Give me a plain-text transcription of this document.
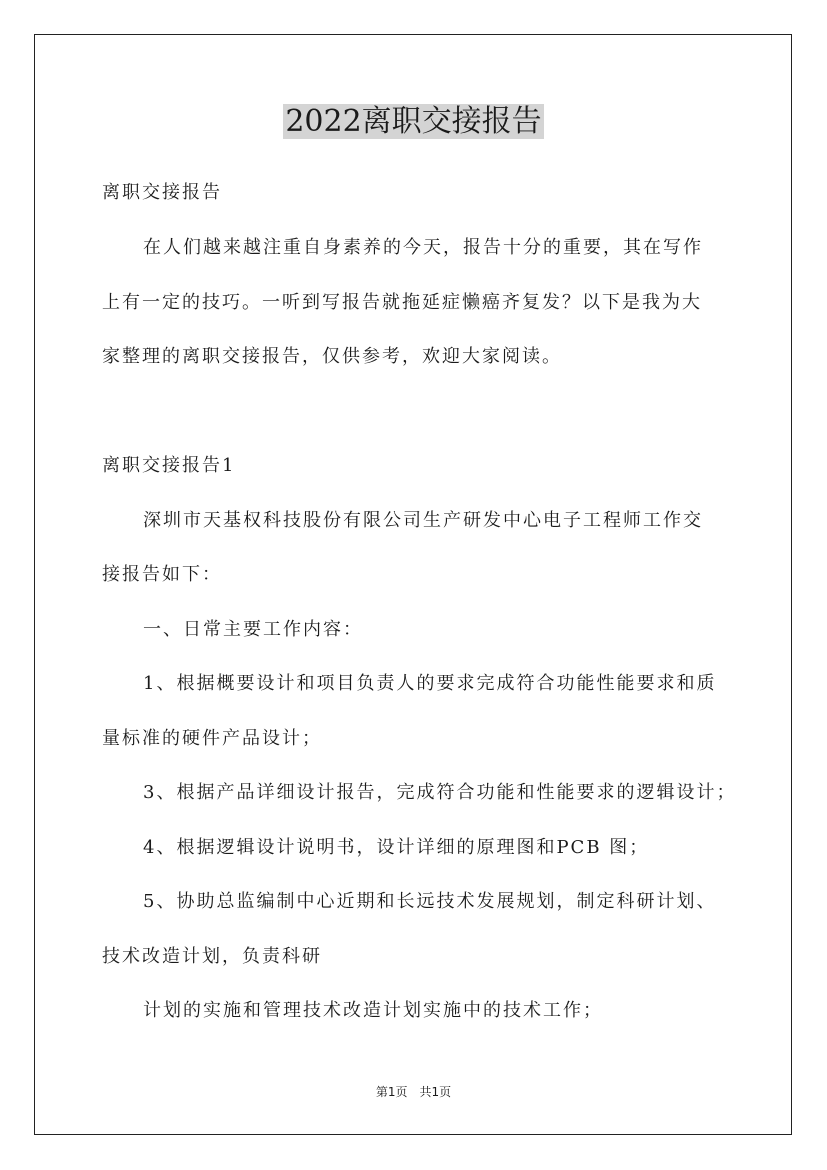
2022离职交接报告
离职交接报告
在人们越来越注重自身素养的今天，报告十分的重要，其在写作
上有一定的技巧。一听到写报告就拖延症懒癌齐复发？以下是我为大
家整理的离职交接报告，仅供参考，欢迎大家阅读。
离职交接报告1
深圳市天基权科技股份有限公司生产研发中心电子工程师工作交
接报告如下：
一、日常主要工作内容：
1、根据概要设计和项目负责人的要求完成符合功能性能要求和质
量标准的硬件产品设计；
3、根据产品详细设计报告，完成符合功能和性能要求的逻辑设计；
4、根据逻辑设计说明书，设计详细的原理图和PCB 图；
5、协助总监编制中心近期和长远技术发展规划，制定科研计划、
技术改造计划，负责科研
计划的实施和管理技术改造计划实施中的技术工作；
第1页　共1页
